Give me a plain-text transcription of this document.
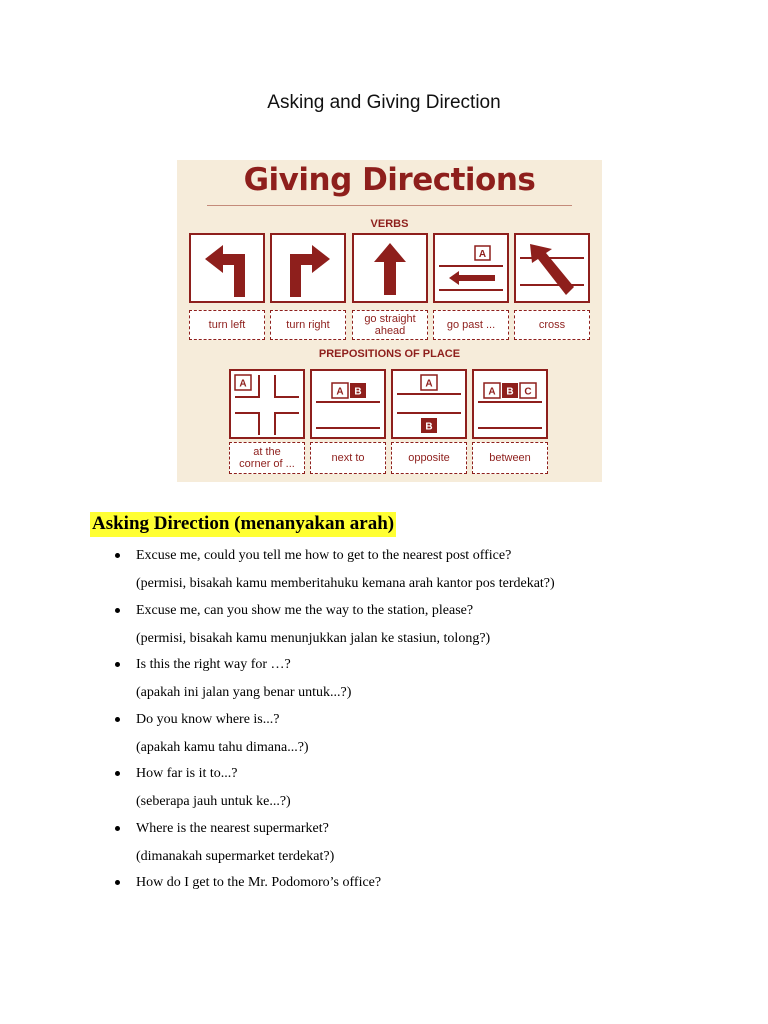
Asking and Giving Direction
Giving Directions
VERBS
A
turn left	turn right	go straight
ahead	go past ...	cross
PREPOSITIONS OF PLACE
A
A B
A
B
A B C
at the
corner of ...	next to	opposite	between
Asking Direction (menanyakan arah)
Excuse me, could you tell me how to get to the nearest post office?
(permisi, bisakah kamu memberitahuku kemana arah kantor pos terdekat?)
Excuse me, can you show me the way to the station, please?
(permisi, bisakah kamu menunjukkan jalan ke stasiun, tolong?)
Is this the right way for …?
(apakah ini jalan yang benar untuk...?)
Do you know where is...?
(apakah kamu tahu dimana...?)
How far is it to...?
(seberapa jauh untuk ke...?)
Where is the nearest supermarket?
(dimanakah supermarket terdekat?)
How do I get to the Mr. Podomoro’s office?
